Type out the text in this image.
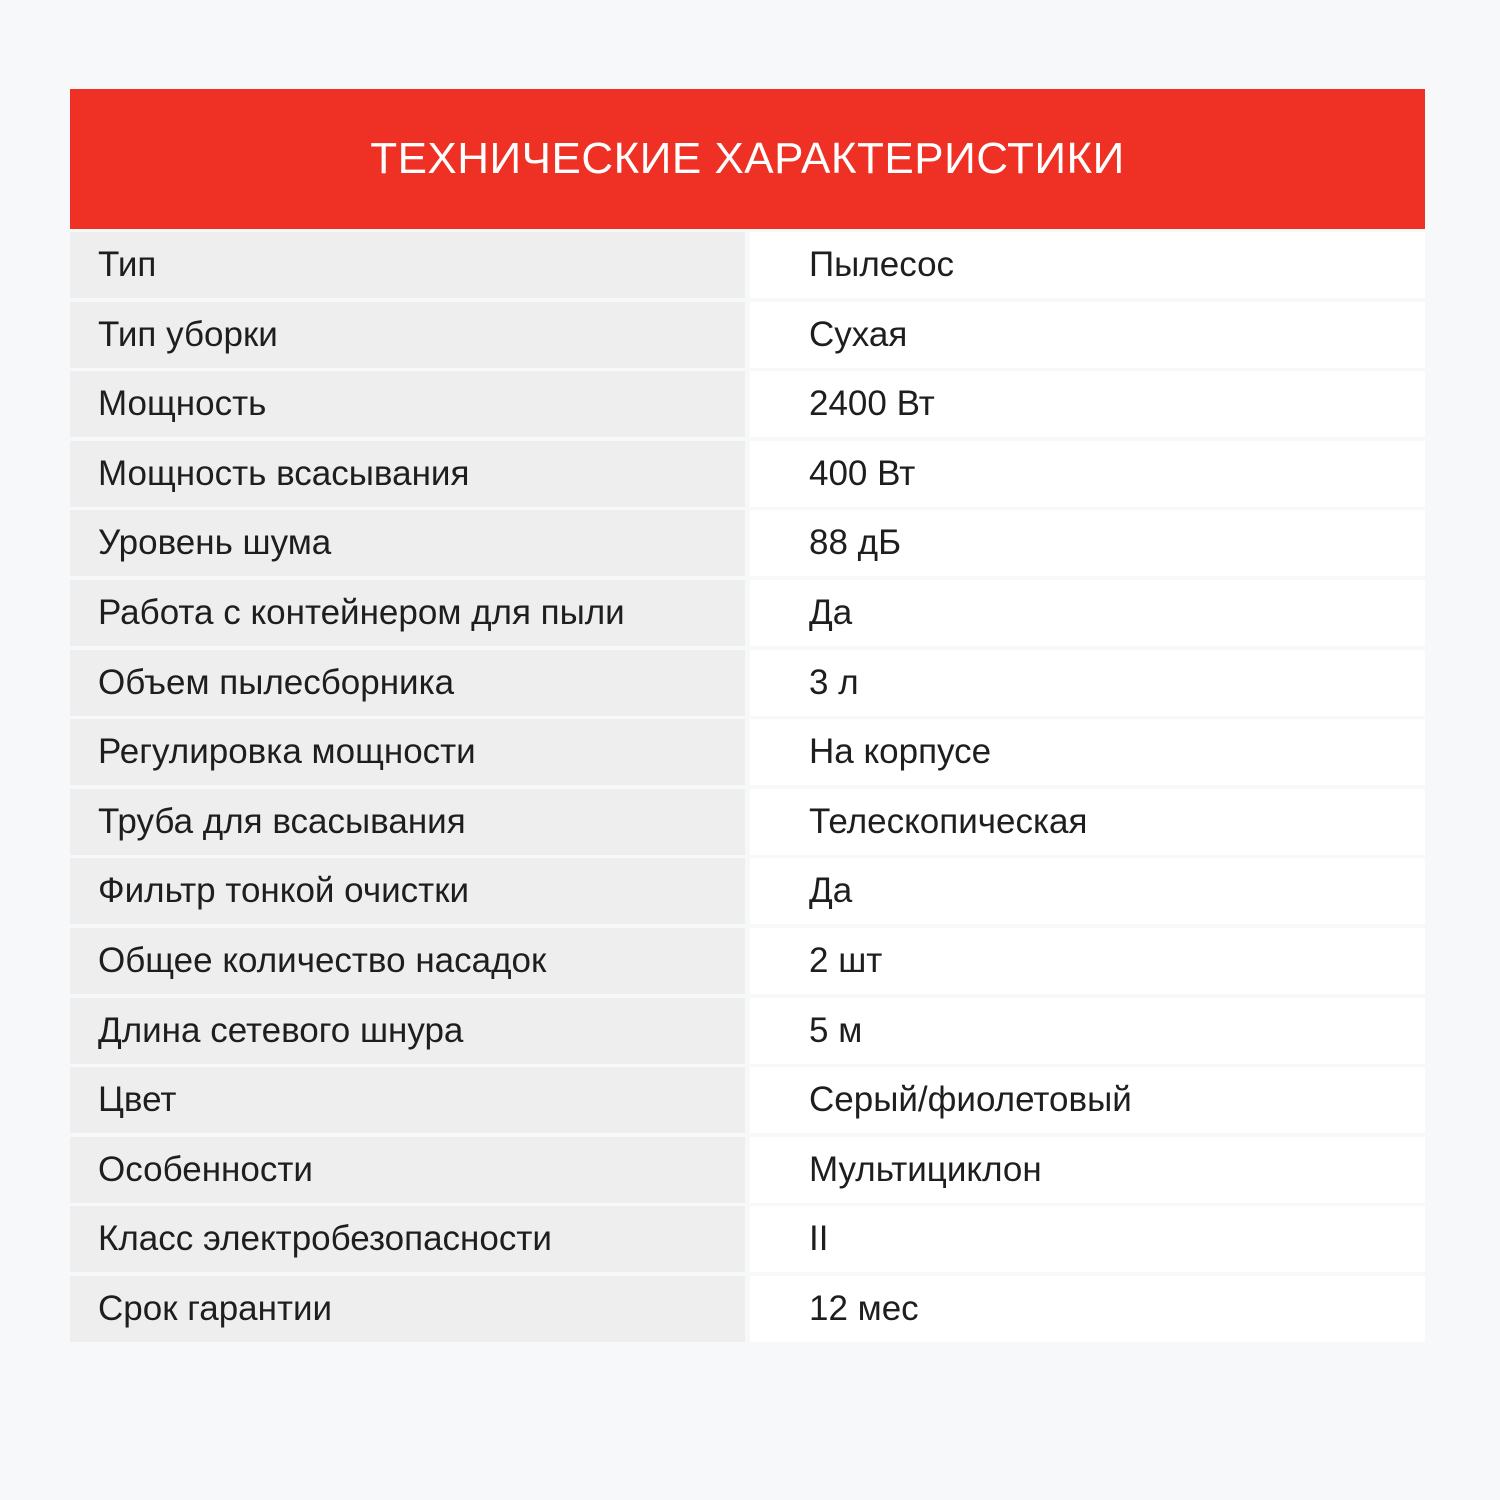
ТЕХНИЧЕСКИЕ ХАРАКТЕРИСТИКИ
Тип	Пылесос
Тип уборки	Сухая
Мощность	2400 Вт
Мощность всасывания	400 Вт
Уровень шума	88 дБ
Работа с контейнером для пыли	Да
Объем пылесборника	3 л
Регулировка мощности	На корпусе
Труба для всасывания	Телескопическая
Фильтр тонкой очистки	Да
Общее количество насадок	2 шт
Длина сетевого шнура	5 м
Цвет	Серый/фиолетовый
Особенности	Мультициклон
Класс электробезопасности	II
Срок гарантии	12 мес
